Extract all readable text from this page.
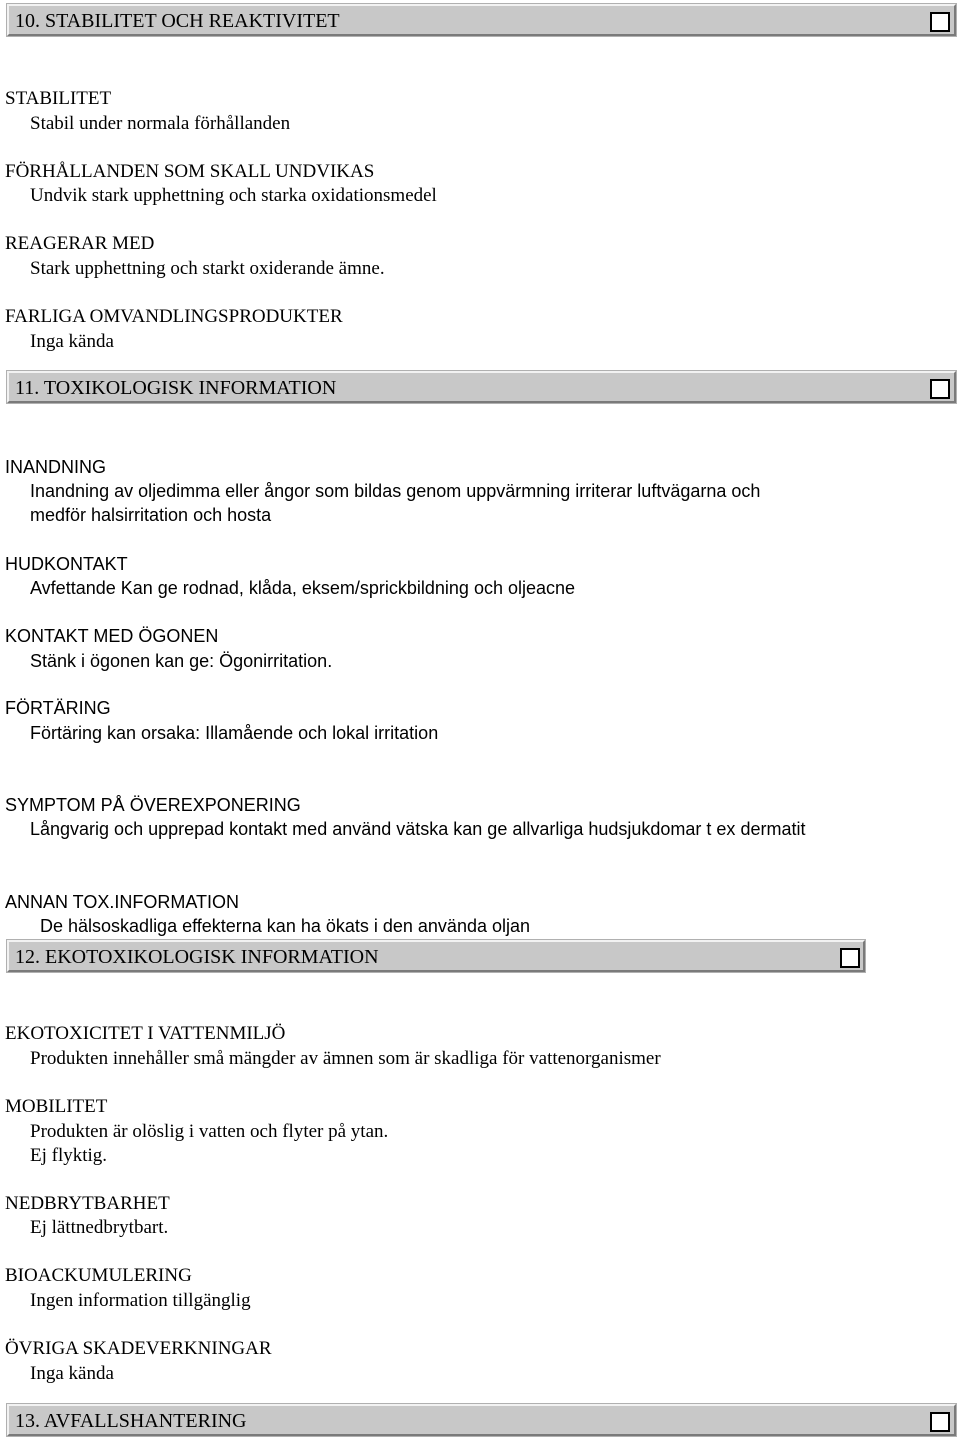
10. STABILITET OCH REAKTIVITET
STABILITET
Stabil under normala förhållanden
FÖRHÅLLANDEN SOM SKALL UNDVIKAS
Undvik stark upphettning och starka oxidationsmedel
REAGERAR MED
Stark upphettning och starkt oxiderande ämne.
FARLIGA OMVANDLINGSPRODUKTER
Inga kända
11. TOXIKOLOGISK INFORMATION
INANDNING
Inandning av oljedimma eller ångor som bildas genom uppvärmning irriterar luftvägarna och
medför halsirritation och hosta
HUDKONTAKT
Avfettande Kan ge rodnad, klåda, eksem/sprickbildning och oljeacne
KONTAKT MED ÖGONEN
Stänk i ögonen kan ge: Ögonirritation.
FÖRTÄRING
Förtäring kan orsaka: Illamående och lokal irritation
SYMPTOM PÅ ÖVEREXPONERING
Långvarig och upprepad kontakt med använd vätska kan ge allvarliga hudsjukdomar t ex dermatit
ANNAN TOX.INFORMATION
De hälsoskadliga effekterna kan ha ökats i den använda oljan
12. EKOTOXIKOLOGISK INFORMATION
EKOTOXICITET I VATTENMILJÖ
Produkten innehåller små mängder av ämnen som är skadliga för vattenorganismer
MOBILITET
Produkten är olöslig i vatten och flyter på ytan.
Ej flyktig.
NEDBRYTBARHET
Ej lättnedbrytbart.
BIOACKUMULERING
Ingen information tillgänglig
ÖVRIGA SKADEVERKNINGAR
Inga kända
13. AVFALLSHANTERING
